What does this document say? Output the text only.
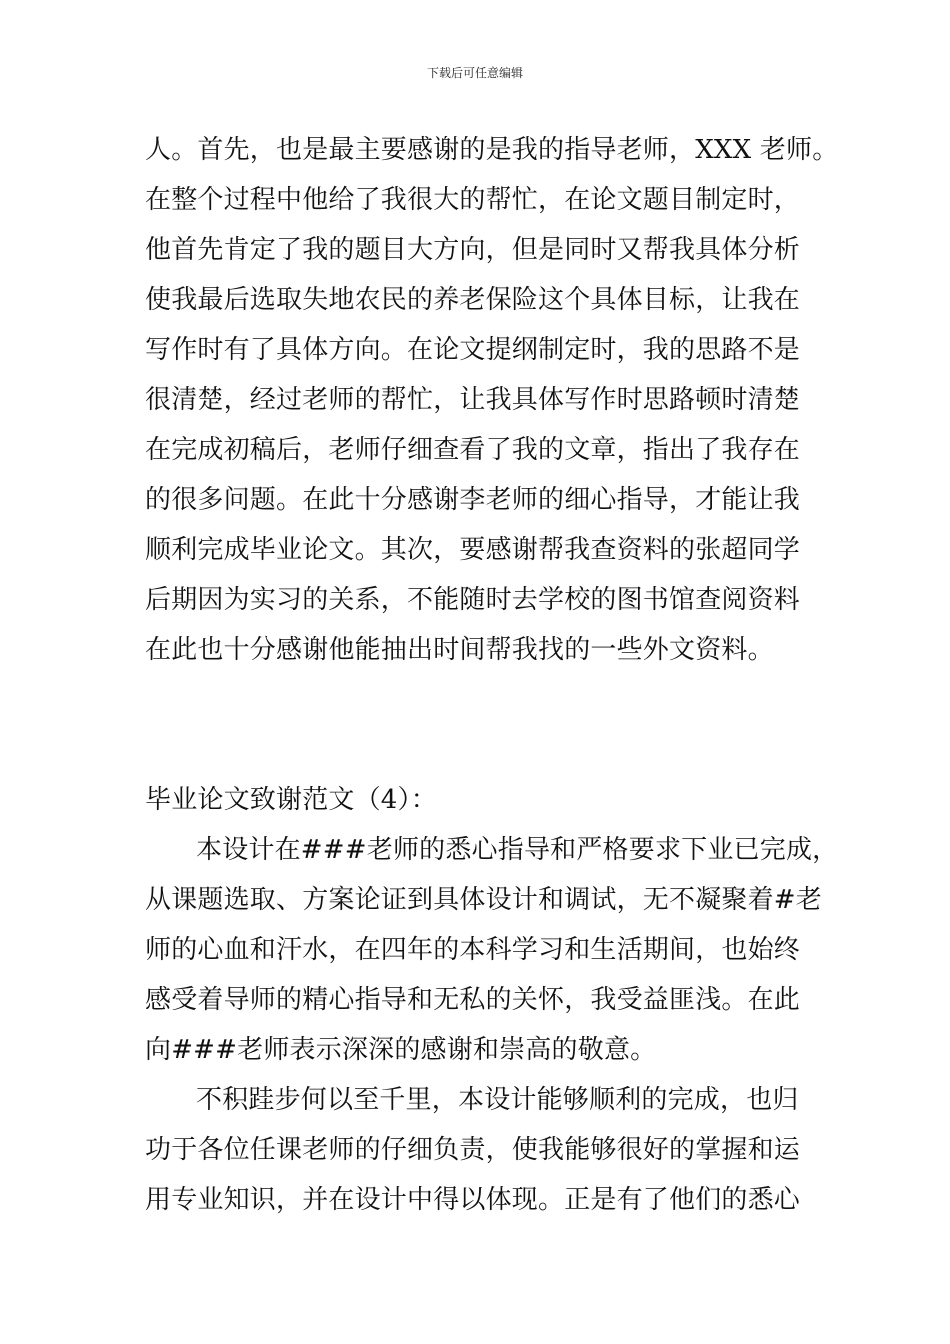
下载后可任意编辑
人。首先，也是最主要感谢的是我的指导老师，XXX 老师。
在整个过程中他给了我很大的帮忙，在论文题目制定时，
他首先肯定了我的题目大方向，但是同时又帮我具体分析
使我最后选取失地农民的养老保险这个具体目标，让我在
写作时有了具体方向。在论文提纲制定时，我的思路不是
很清楚，经过老师的帮忙，让我具体写作时思路顿时清楚
在完成初稿后，老师仔细查看了我的文章，指出了我存在
的很多问题。在此十分感谢李老师的细心指导，才能让我
顺利完成毕业论文。其次，要感谢帮我查资料的张超同学
后期因为实习的关系，不能随时去学校的图书馆查阅资料
在此也十分感谢他能抽出时间帮我找的一些外文资料。
毕业论文致谢范文（4）：
本设计在###老师的悉心指导和严格要求下业已完成，
从课题选取、方案论证到具体设计和调试，无不凝聚着#老
师的心血和汗水，在四年的本科学习和生活期间，也始终
感受着导师的精心指导和无私的关怀，我受益匪浅。在此
向###老师表示深深的感谢和崇高的敬意。
不积跬步何以至千里，本设计能够顺利的完成，也归
功于各位任课老师的仔细负责，使我能够很好的掌握和运
用专业知识，并在设计中得以体现。正是有了他们的悉心
